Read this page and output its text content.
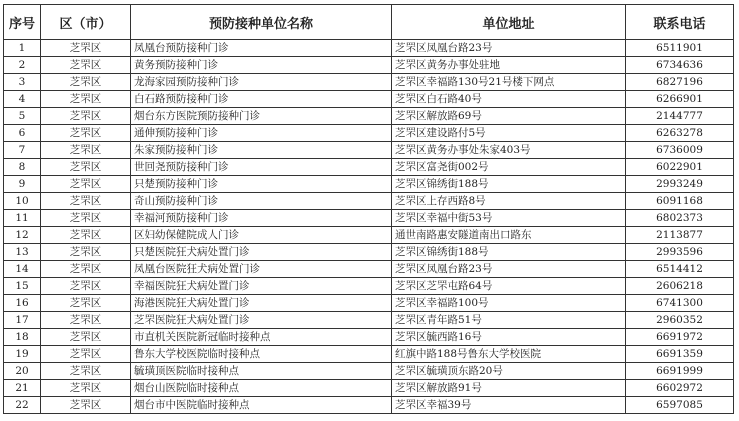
序号	区（市）	预防接种单位名称	单位地址	联系电话
1	芝罘区	凤凰台预防接种门诊	芝罘区凤凰台路23号	6511901
2	芝罘区	黄务预防接种门诊	芝罘区黄务办事处驻地	6734636
3	芝罘区	龙海家园预防接种门诊	芝罘区幸福路130号21号楼下网点	6827196
4	芝罘区	白石路预防接种门诊	芝罘区白石路40号	6266901
5	芝罘区	烟台东方医院预防接种门诊	芝罘区解放路69号	2144777
6	芝罘区	通伸预防接种门诊	芝罘区建设路付5号	6263278
7	芝罘区	朱家预防接种门诊	芝罘区黄务办事处朱家403号	6736009
8	芝罘区	世回尧预防接种门诊	芝罘区富尧街002号	6022901
9	芝罘区	只楚预防接种门诊	芝罘区锦绣街188号	2993249
10	芝罘区	奇山预防接种门诊	芝罘区上存西路8号	6091168
11	芝罘区	幸福河预防接种门诊	芝罘区幸福中街53号	6802373
12	芝罘区	区妇幼保健院成人门诊	通世南路惠安隧道南出口路东	2113877
13	芝罘区	只楚医院狂犬病处置门诊	芝罘区锦绣街188号	2993596
14	芝罘区	凤凰台医院狂犬病处置门诊	芝罘区凤凰台路23号	6514412
15	芝罘区	幸福医院狂犬病处置门诊	芝罘区芝罘屯路64号	2606218
16	芝罘区	海港医院狂犬病处置门诊	芝罘区幸福路100号	6741300
17	芝罘区	芝罘医院狂犬病处置门诊	芝罘区青年路51号	2960352
18	芝罘区	市直机关医院新冠临时接种点	芝罘区毓西路16号	6691972
19	芝罘区	鲁东大学校医院临时接种点	红旗中路188号鲁东大学校医院	6691359
20	芝罘区	毓璜顶医院临时接种点	芝罘区毓璜顶东路20号	6691999
21	芝罘区	烟台山医院临时接种点	芝罘区解放路91号	6602972
22	芝罘区	烟台市中医院临时接种点	芝罘区幸福39号	6597085
